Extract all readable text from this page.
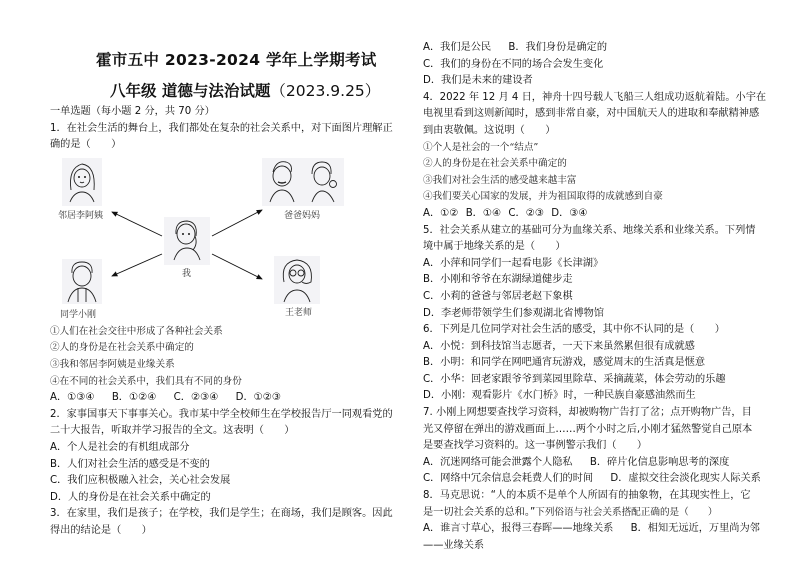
霍市五中 2023-2024 学年上学期考试
八年级 道德与法治试题（2023.9.25）
一单选题（每小题 2 分，共 70 分）
1．在社会生活的舞台上，我们都处在复杂的社会关系中，对下面图片理解正
确的是（　　）
邻居李阿姨	爸爸妈妈
我
同学小刚	王老师
①人们在社会交往中形成了各种社会关系
②人的身份是在社会关系中确定的
③我和邻居李阿姨是业缘关系
④在不同的社会关系中，我们具有不同的身份
A．①③④ B．①②④ C．②③④ D．①②③
2．家事国事天下事事关心。我市某中学全校师生在学校报告厅一同观看党的
二十大报告，听取并学习报告的全文。这表明（　　）
A．个人是社会的有机组成部分
B．人们对社会生活的感受是不变的
C．我们应积极融入社会，关心社会发展
D．人的身份是在社会关系中确定的
3．在家里，我们是孩子；在学校，我们是学生；在商场，我们是顾客。因此
得出的结论是（　　）
A．我们是公民 B．我们身份是确定的
C．我们的身份在不同的场合会发生变化
D．我们是未来的建设者
4．2022 年 12 月 4 日，神舟十四号载人飞船三人组成功返航着陆。小宇在
电视里看到这则新闻时，感到非常自豪，对中国航天人的进取和奉献精神感
到由衷敬佩。这说明（　　）
①个人是社会的一个“结点”
②人的身份是在社会关系中确定的
③我们对社会生活的感受越来越丰富
④我们要关心国家的发展，并为祖国取得的成就感到自豪
A．①② B．①④ C．②③ D．③④
5．社会关系从建立的基础可分为血缘关系、地缘关系和业缘关系。下列情
境中属于地缘关系的是（　　）
A．小萍和同学们一起看电影《长津湖》
B．小刚和爷爷在东湖绿道健步走
C．小莉的爸爸与邻居老赵下象棋
D．李老师带领学生们参观湖北省博物馆
6．下列是几位同学对社会生活的感受，其中你不认同的是（　　）
A．小悦：到科技馆当志愿者，一天下来虽然累但很有成就感
B．小明：和同学在网吧通宵玩游戏，感觉周末的生活真是惬意
C．小华：回老家跟爷爷到菜园里除草、采摘蔬菜，体会劳动的乐趣
D．小刚：观看影片《水门桥》时，一种民族自豪感油然而生
7. 小刚上网想要查找学习资料，却被购物广告打了岔；点开购物广告，目
光又停留在弹出的游戏画面上……两个小时之后,小刚才猛然警觉自己原本
是要查找学习资料的。这一事例警示我们（　　）
A．沉迷网络可能会泄露个人隐私 B．碎片化信息影响思考的深度
C．网络中冗余信息会耗费人们的时间 D．虚拟交往会淡化现实人际关系
8．马克思说：“人的本质不是单个人所固有的抽象物，在其现实性上，它
是一切社会关系的总和。”下列俗语与社会关系搭配正确的是（　　）
A．谁言寸草心，报得三春晖——地缘关系 B．相知无远近，万里尚为邻
——业缘关系
